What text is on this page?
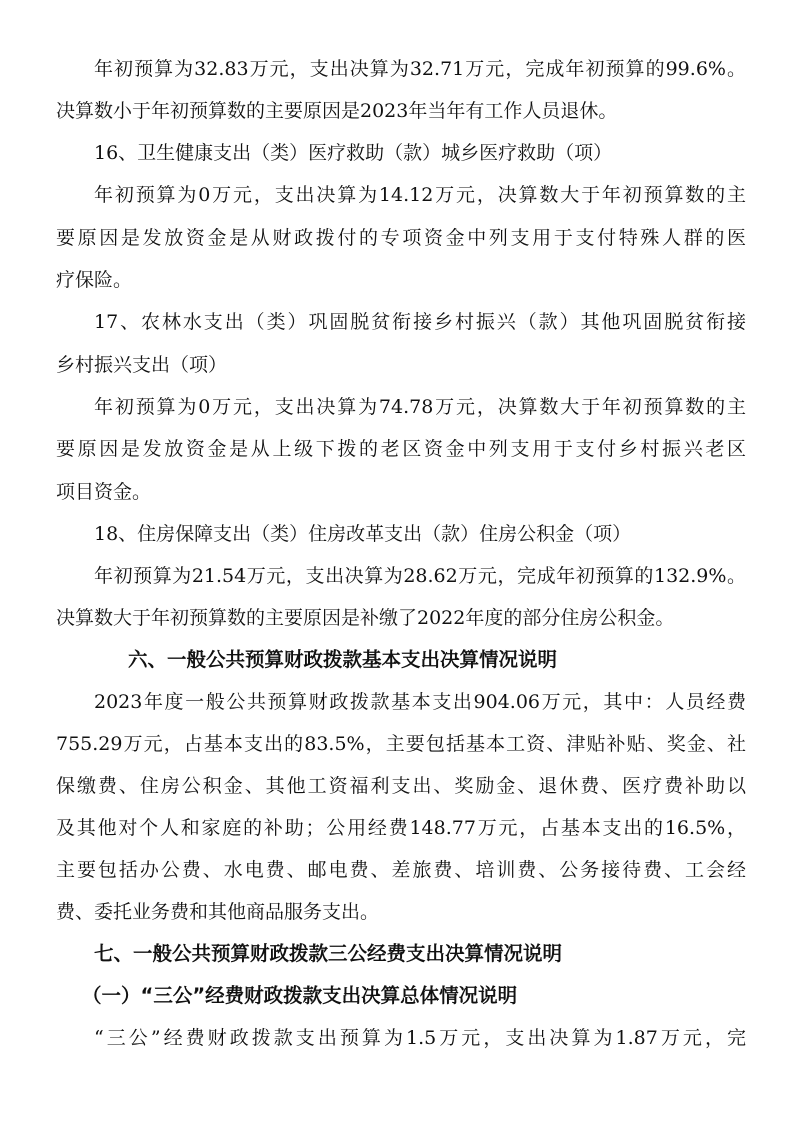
年初预算为32.83万元，支出决算为32.71万元，完成年初预算的99.6%。
决算数小于年初预算数的主要原因是2023年当年有工作人员退休。
16、卫生健康支出（类）医疗救助（款）城乡医疗救助（项）
年初预算为0万元，支出决算为14.12万元，决算数大于年初预算数的主
要原因是发放资金是从财政拨付的专项资金中列支用于支付特殊人群的医
疗保险。
17、农林水支出（类）巩固脱贫衔接乡村振兴（款）其他巩固脱贫衔接
乡村振兴支出（项）
年初预算为0万元，支出决算为74.78万元，决算数大于年初预算数的主
要原因是发放资金是从上级下拨的老区资金中列支用于支付乡村振兴老区
项目资金。
18、住房保障支出（类）住房改革支出（款）住房公积金（项）
年初预算为21.54万元，支出决算为28.62万元，完成年初预算的132.9%。
决算数大于年初预算数的主要原因是补缴了2022年度的部分住房公积金。
六、一般公共预算财政拨款基本支出决算情况说明
2023年度一般公共预算财政拨款基本支出904.06万元，其中：人员经费
755.29万元，占基本支出的83.5%，主要包括基本工资、津贴补贴、奖金、社
保缴费、住房公积金、其他工资福利支出、奖励金、退休费、医疗费补助以
及其他对个人和家庭的补助；公用经费148.77万元，占基本支出的16.5%，
主要包括办公费、水电费、邮电费、差旅费、培训费、公务接待费、工会经
费、委托业务费和其他商品服务支出。
七、一般公共预算财政拨款三公经费支出决算情况说明
（一）“三公”经费财政拨款支出决算总体情况说明
“三公”经费财政拨款支出预算为1.5万元，支出决算为1.87万元，完
